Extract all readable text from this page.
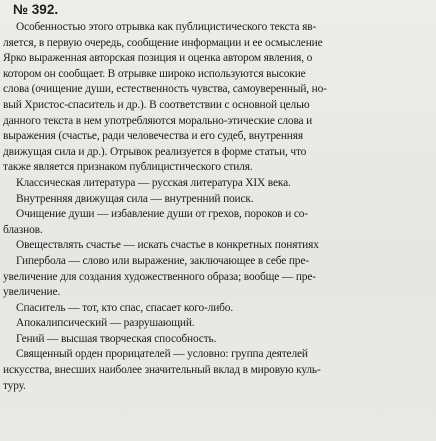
№ 392.
Особенностью этого отрывка как публицистического текста яв-
ляется, в первую очередь, сообщение информации и ее осмысление
Ярко выраженная авторская позиция и оценка автором явления, о
котором он сообщает. В отрывке широко используются высокие
слова (очищение души, естественность чувства, самоуверенный, но-
вый Христос-спаситель и др.). В соответствии с основной целью
данного текста в нем употребляются морально-этические слова и
выражения (счастье, ради человечества и его судеб, внутренняя
движущая сила и др.). Отрывок реализуется в форме статьи, что
также является признаком публицистического стиля.
Классическая литература — русская литература XIX века.
Внутренняя движущая сила — внутренний поиск.
Очищение души — избавление души от грехов, пороков и со-
блазнов.
Овеществлять счастье — искать счастье в конкретных понятиях
Гипербола — слово или выражение, заключающее в себе пре-
увеличение для создания художественного образа; вообще — пре-
увеличение.
Спаситель — тот, кто спас, спасает кого-либо.
Апокалипсический — разрушающий.
Гений — высшая творческая способность.
Священный орден прорицателей — условно: группа деятелей
искусства, внесших наиболее значительный вклад в мировую куль-
туру.
